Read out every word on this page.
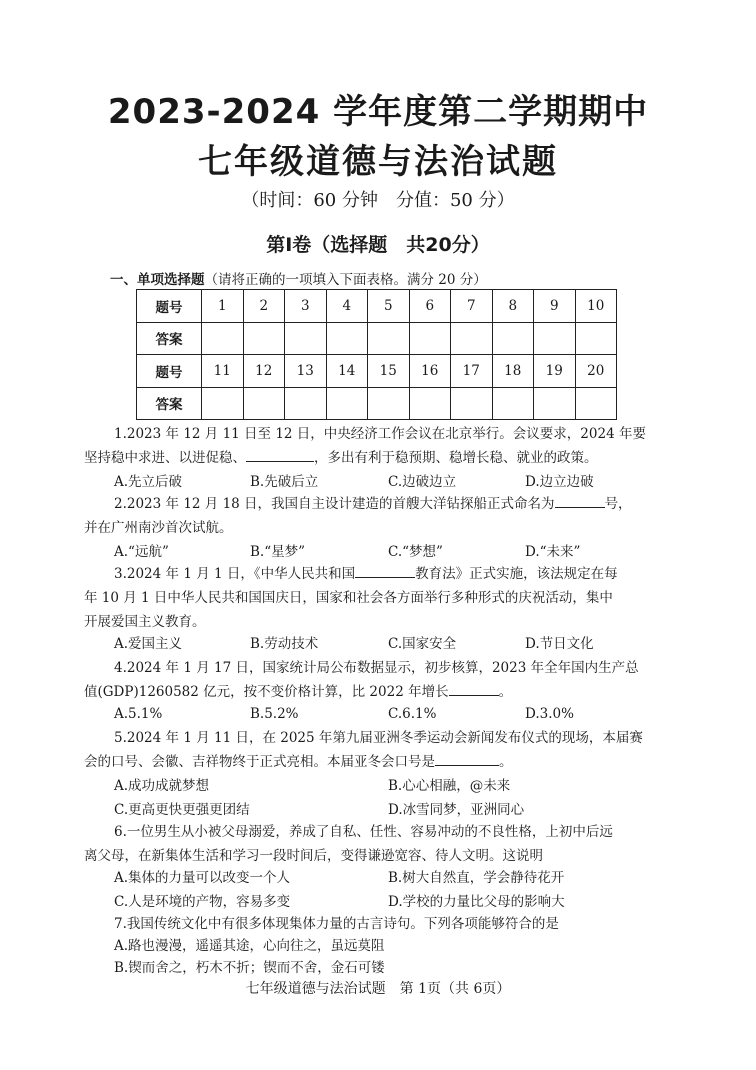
2023-2024 学年度第二学期期中
七年级道德与法治试题
（时间：60 分钟　分值：50 分）
第Ⅰ卷（选择题　共20分）
一、单项选择题（请将正确的一项填入下面表格。满分 20 分）
题号	1	2	3	4	5	6	7	8	9	10
答案										
题号	11	12	13	14	15	16	17	18	19	20
答案										
1.2023 年 12 月 11 日至 12 日，中央经济工作会议在北京举行。会议要求，2024 年要
坚持稳中求进、以进促稳、	，多出有利于稳预期、稳增长稳、就业的政策。
A.先立后破	B.先破后立	C.边破边立	D.边立边破
2.2023 年 12 月 18 日，我国自主设计建造的首艘大洋钻探船正式命名为	号，
并在广州南沙首次试航。
A.“远航”	B.“星梦”	C.“梦想”	D.“未来”
3.2024 年 1 月 1 日，《中华人民共和国	教育法》正式实施，该法规定在每
年 10 月 1 日中华人民共和国国庆日，国家和社会各方面举行多种形式的庆祝活动，集中
开展爱国主义教育。
A.爱国主义	B.劳动技术	C.国家安全	D.节日文化
4.2024 年 1 月 17 日，国家统计局公布数据显示，初步核算，2023 年全年国内生产总
值(GDP)1260582 亿元，按不变价格计算，比 2022 年增长	。
A.5.1%	B.5.2%	C.6.1%	D.3.0%
5.2024 年 1 月 11 日，在 2025 年第九届亚洲冬季运动会新闻发布仪式的现场，本届赛
会的口号、会徽、吉祥物终于正式亮相。本届亚冬会口号是	。
A.成功成就梦想	B.心心相融，@未来
C.更高更快更强更团结	D.冰雪同梦，亚洲同心
6.一位男生从小被父母溺爱，养成了自私、任性、容易冲动的不良性格，上初中后远
离父母，在新集体生活和学习一段时间后，变得谦逊宽容、待人文明。这说明
A.集体的力量可以改变一个人	B.树大自然直，学会静待花开
C.人是环境的产物，容易多变	D.学校的力量比父母的影响大
7.我国传统文化中有很多体现集体力量的古言诗句。下列各项能够符合的是
A.路也漫漫，遥遥其途，心向往之，虽远莫阻
B.锲而舍之，朽木不折；锲而不舍，金石可镂
七年级道德与法治试题　第 1页（共 6页）
